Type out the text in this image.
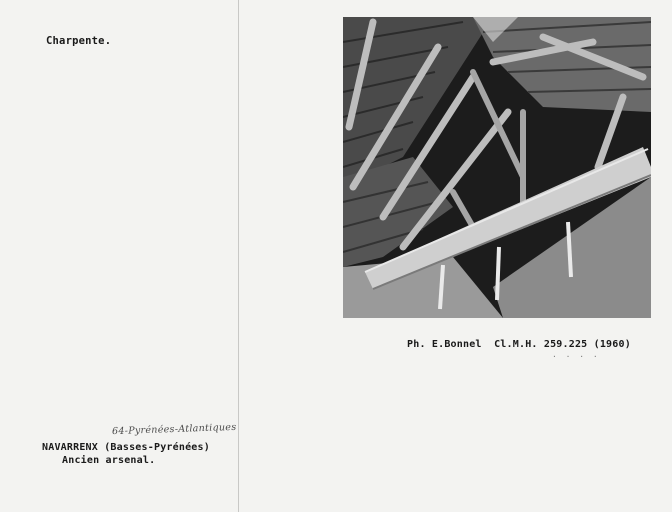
Charpente.
Ph. E.Bonnel  Cl.M.H. 259.225 (1960)
. . . .
64-Pyrénées-Atlantiques
NAVARRENX (Basses-Pyrénées)
Ancien arsenal.
